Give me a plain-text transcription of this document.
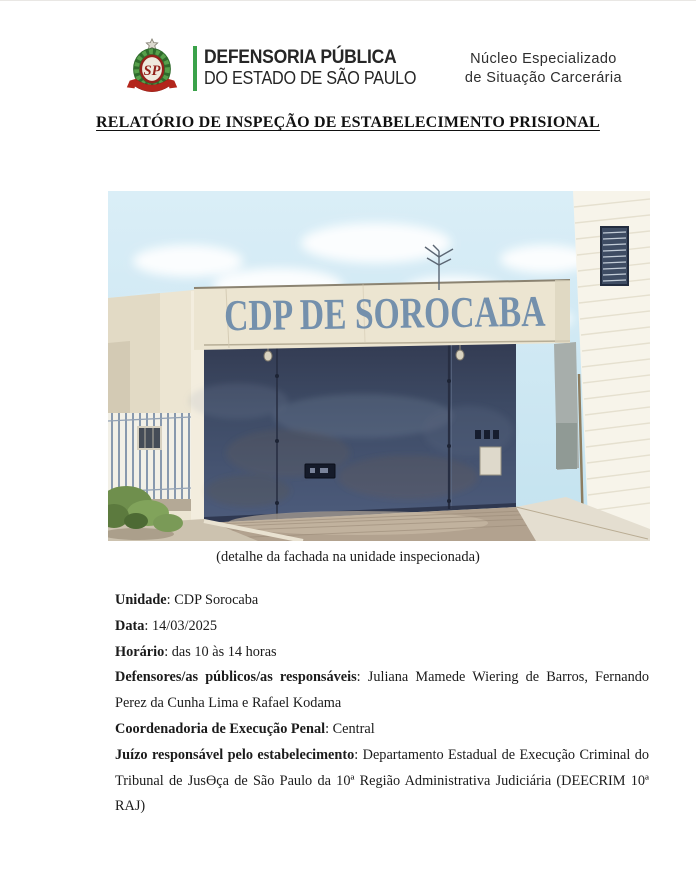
SP
DEFENSORIA PÚBLICA
DO ESTADO DE SÃO PAULO
Núcleo Especializado
de Situação Carcerária
RELATÓRIO DE INSPEÇÃO DE ESTABELECIMENTO PRISIONAL
CDP DE SOROCABA

(detalhe da fachada na unidade inspecionada)

Unidade: CDP Sorocaba

Data: 14/03/2025

Horário: das 10 às 14 horas

Defensores/as públicos/as responsáveis: Juliana Mamede Wiering de Barros, Fernando Perez da Cunha Lima e Rafael Kodama

Coordenadoria de Execução Penal: Central

Juízo responsável pelo estabelecimento: Departamento Estadual de Execução Criminal do Tribunal de JusƟça de São Paulo da 10ª Região Administrativa Judiciária (DEECRIM 10ª RAJ)
